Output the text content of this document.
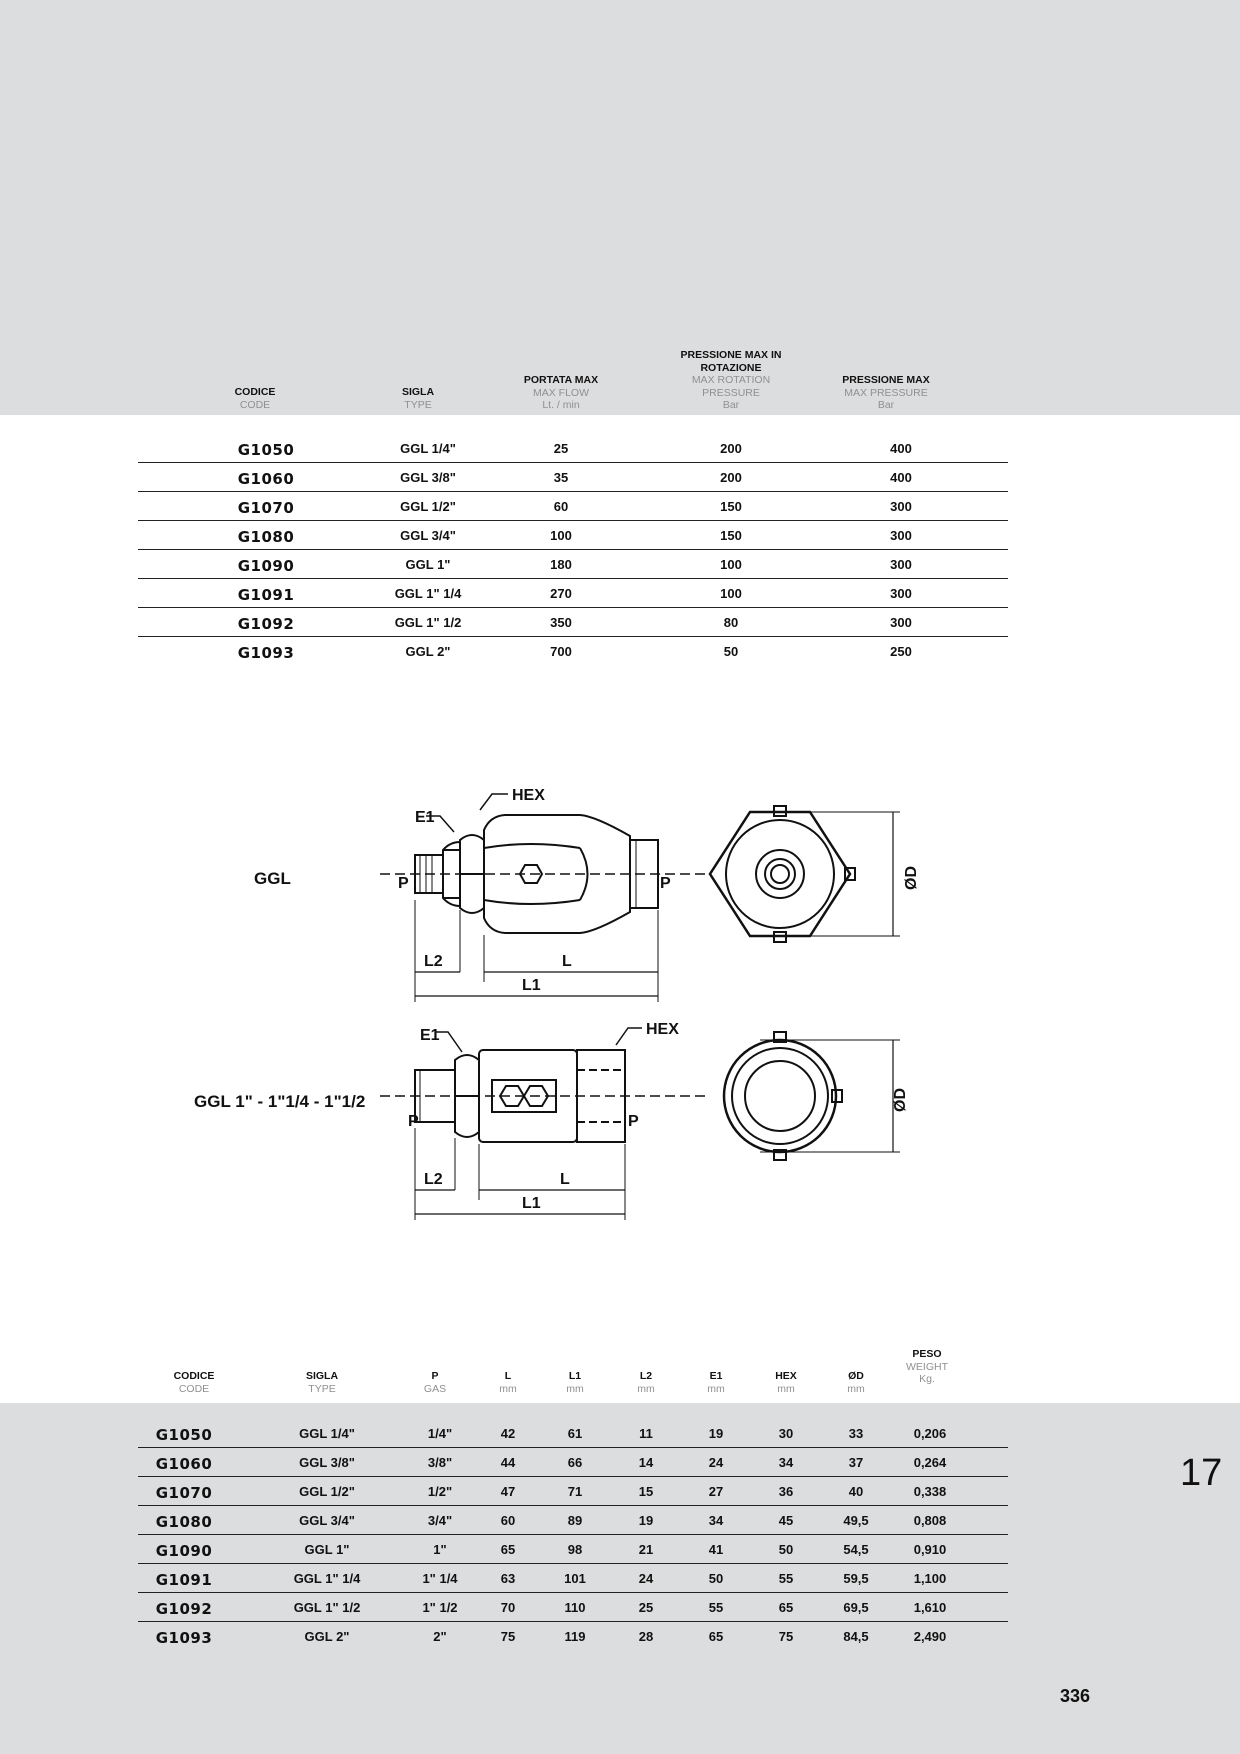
CODICE
CODE
SIGLA
TYPE
PORTATA MAX
MAX FLOW
Lt. / min
PRESSIONE MAX IN ROTAZIONE
MAX ROTATION PRESSURE
Bar
PRESSIONE MAX
MAX PRESSURE
Bar
G1050	GGL 1/4"	25	200	400
G1060	GGL 3/8"	35	200	400
G1070	GGL 1/2"	60	150	300
G1080	GGL 3/4"	100	150	300
G1090	GGL 1"	180	100	300
G1091	GGL 1" 1/4	270	100	300
G1092	GGL 1" 1/2	350	80	300
G1093	GGL 2"	700	50	250
GGL
GGL 1" - 1"1/4 - 1"1/2
HEX
E1
P	P
L2	L
L1
ØD
HEX
E1
P	P
L2	L
L1
ØD
CODICE
CODE
SIGLA
TYPE
P
GAS
L
mm
L1
mm
L2
mm
E1
mm
HEX
mm
ØD
mm
PESO
WEIGHT
Kg.
G1050	GGL 1/4"	1/4"	42	61	11	19	30	33	0,206
G1060	GGL 3/8"	3/8"	44	66	14	24	34	37	0,264
G1070	GGL 1/2"	1/2"	47	71	15	27	36	40	0,338
G1080	GGL 3/4"	3/4"	60	89	19	34	45	49,5	0,808
G1090	GGL 1"	1"	65	98	21	41	50	54,5	0,910
G1091	GGL 1" 1/4	1" 1/4	63	101	24	50	55	59,5	1,100
G1092	GGL 1" 1/2	1" 1/2	70	110	25	55	65	69,5	1,610
G1093	GGL 2"	2"	75	119	28	65	75	84,5	2,490
17
336
